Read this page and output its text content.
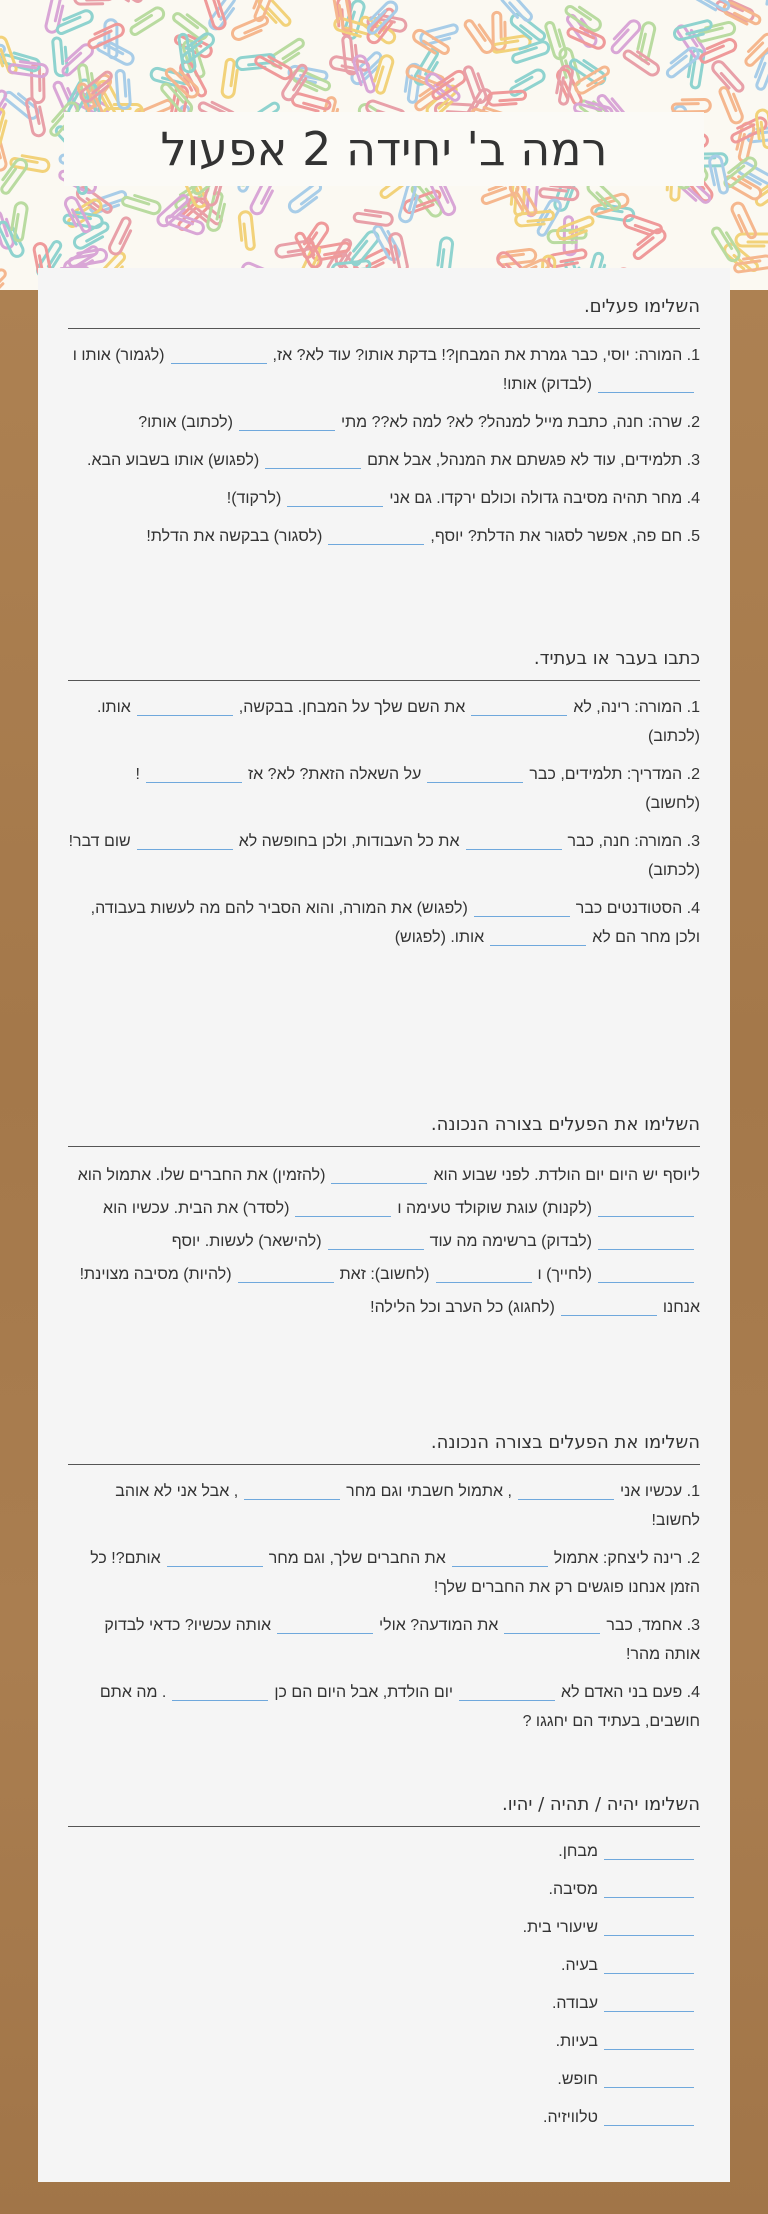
רמה ב' יחידה 2 אפעול
השלימו פעלים.
1. המורה: יוסי, כבר גמרת את המבחן?! בדקת אותו? עוד לא? אז,(לגמור) אותו ו(לבדוק) אותו!
2. שרה: חנה, כתבת מייל למנהל? לא? למה לא?? מתי(לכתוב) אותו?
3. תלמידים, עוד לא פגשתם את המנהל, אבל אתם(לפגוש) אותו בשבוע הבא.
4. מחר תהיה מסיבה גדולה וכולם ירקדו. גם אני(לרקוד)!
5. חם פה, אפשר לסגור את הדלת? יוסף,(לסגור) בבקשה את הדלת!
כתבו בעבר או בעתיד.
1. המורה: רינה, לאאת השם שלך על המבחן. בבקשה,אותו.
(לכתוב)
2. המדריך: תלמידים, כברעל השאלה הזאת? לא? אז!
(לחשוב)
3. המורה: חנה, כבראת כל העבודות, ולכן בחופשה לאשום דבר! (לכתוב)
4. הסטודנטים כבר(לפגוש) את המורה, והוא הסביר להם מה לעשות בעבודה, ולכן מחר הם לאאותו. (לפגוש)
השלימו את הפעלים בצורה הנכונה.
ליוסף יש היום יום הולדת. לפני שבוע הוא(להזמין) את החברים שלו. אתמול הוא(לקנות) עוגת שוקולד טעימה ו(לסדר) את הבית. עכשיו הוא(לבדוק) ברשימה מה עוד(להישאר) לעשות. יוסף(לחייך) ו(לחשוב): זאת(להיות) מסיבה מצוינת! אנחנו(לחגוג) כל הערב וכל הלילה!
השלימו את הפעלים בצורה הנכונה.
1. עכשיו אני, אתמול חשבתי וגם מחר, אבל אני לא אוהב לחשוב!
2. רינה ליצחק: אתמולאת החברים שלך, וגם מחראותם?! כל הזמן אנחנו פוגשים רק את החברים שלך!
3. אחמד, כבראת המודעה? אוליאותה עכשיו? כדאי לבדוק אותה מהר!
4. פעם בני האדם לאיום הולדת, אבל היום הם כן. מה אתם חושבים, בעתיד הם יחגגו ?
השלימו יהיה / תהיה / יהיו.
מבחן.
מסיבה.
שיעורי בית.
בעיה.
עבודה.
בעיות.
חופש.
טלוויזיה.
